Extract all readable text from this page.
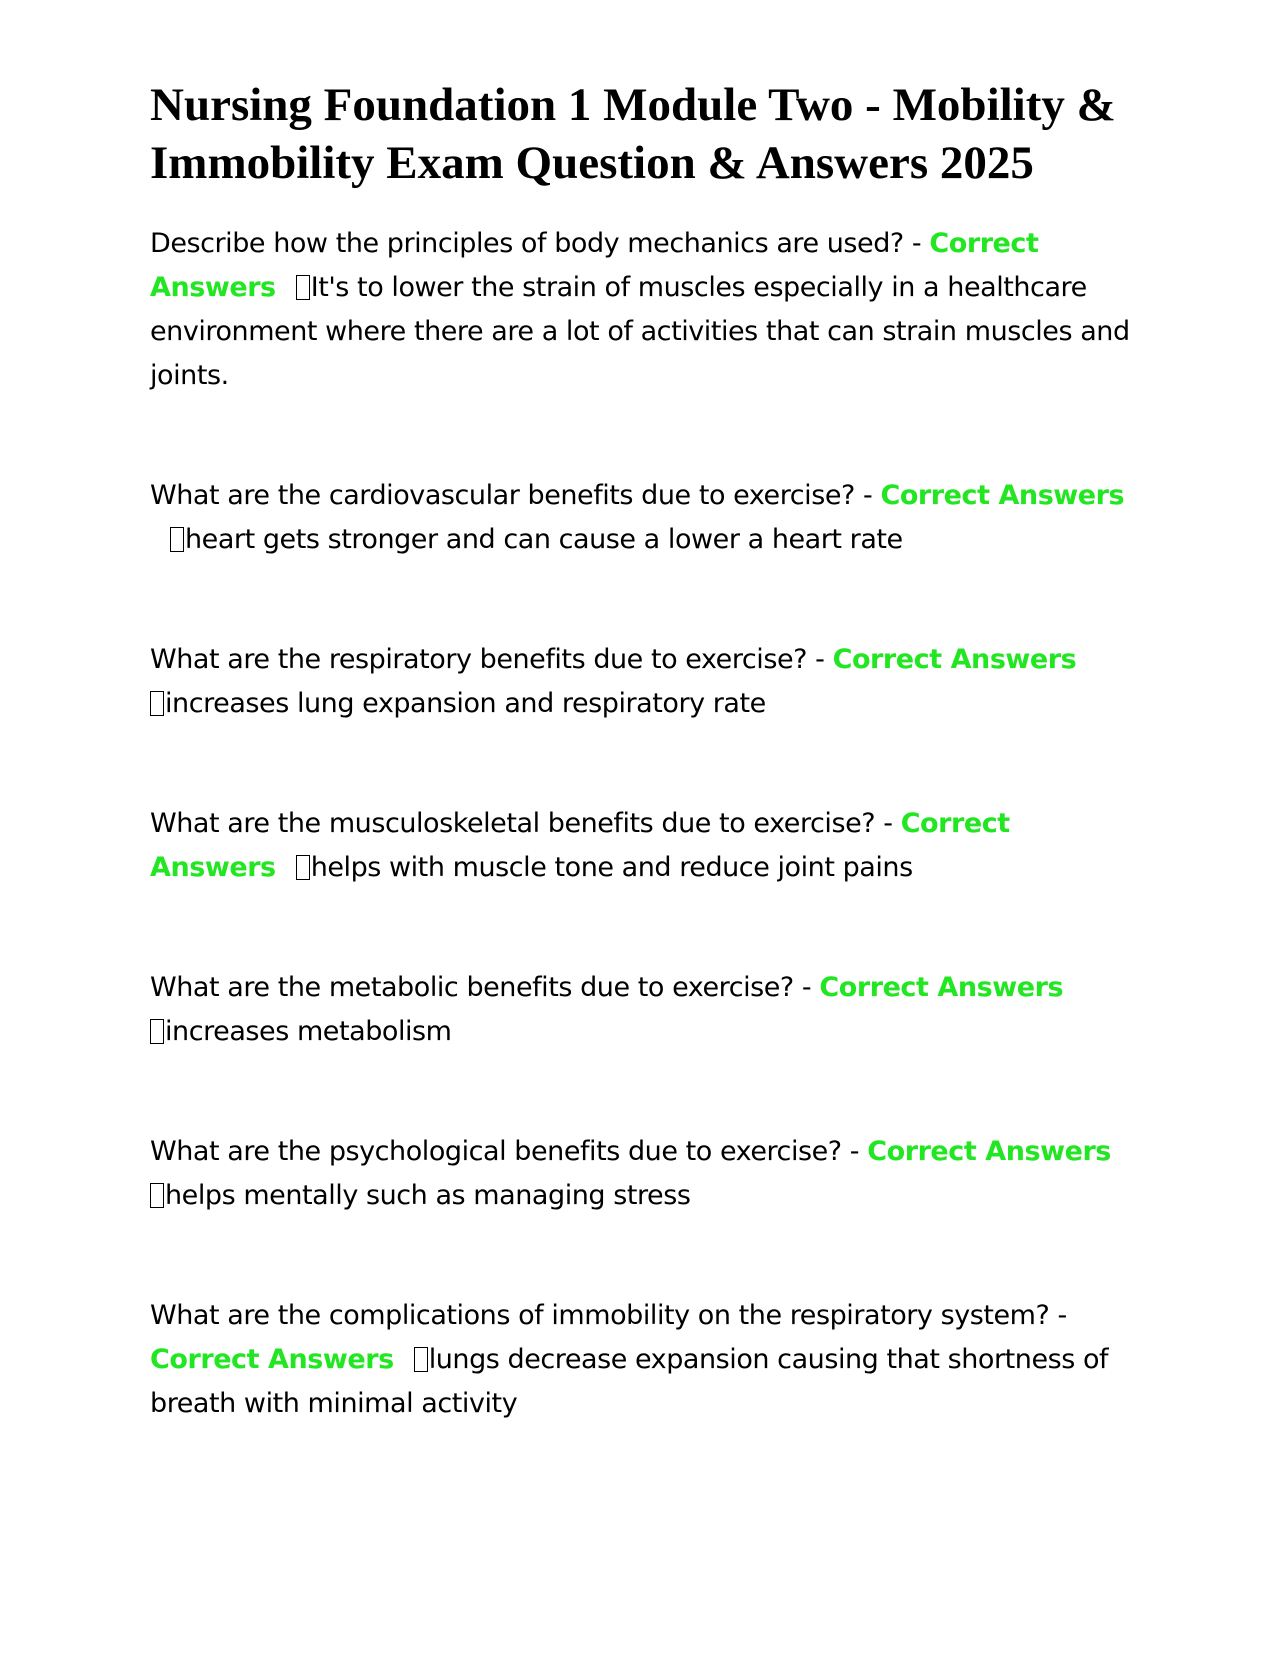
Nursing Foundation 1 Module Two - Mobility & Immobility Exam Question & Answers 2025

Describe how the principles of body mechanics are used? - Correct Answers It's to lower the strain of muscles especially in a healthcare environment where there are a lot of activities that can strain muscles and joints.

What are the cardiovascular benefits due to exercise? - Correct Answersheart gets stronger and can cause a lower a heart rate

What are the respiratory benefits due to exercise? - Correct Answers
increases lung expansion and respiratory rate

What are the musculoskeletal benefits due to exercise? - Correct Answers helps with muscle tone and reduce joint pains

What are the metabolic benefits due to exercise? - Correct Answers
increases metabolism

What are the psychological benefits due to exercise? - Correct Answers
helps mentally such as managing stress

What are the complications of immobility on the respiratory system? -
Correct Answers lungs decrease expansion causing that shortness of breath with minimal activity
